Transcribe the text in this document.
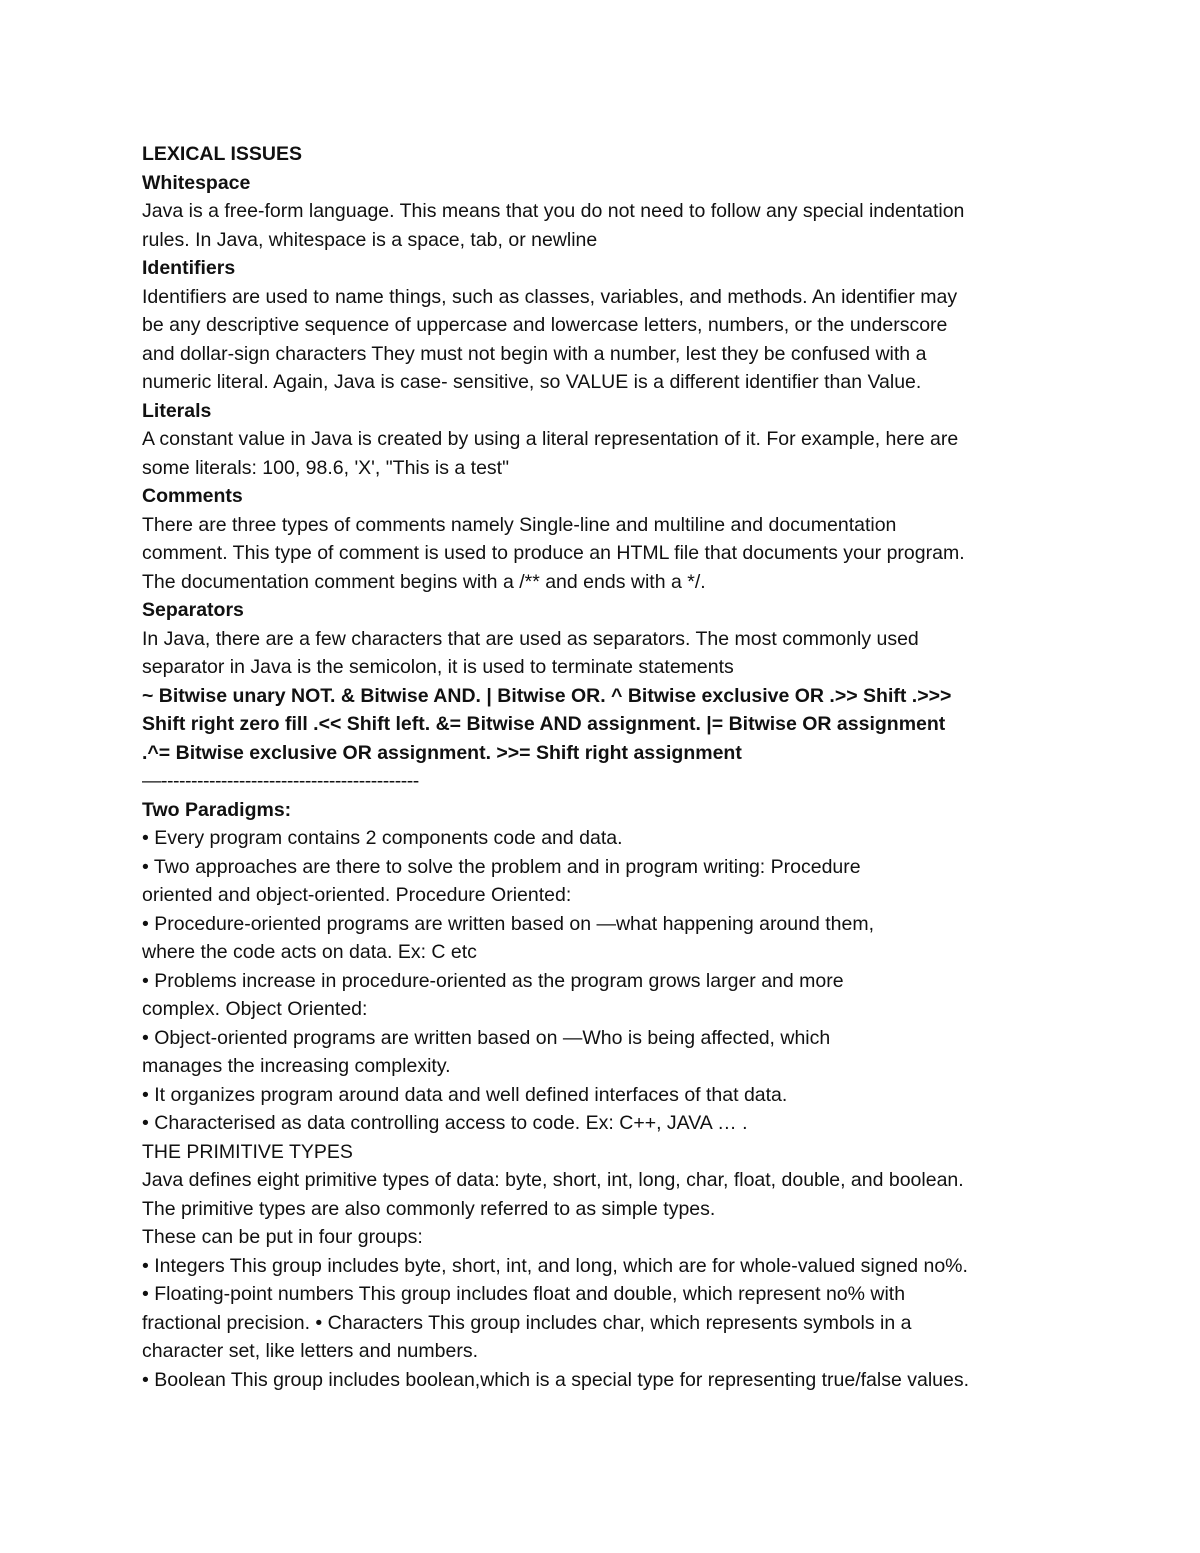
LEXICAL ISSUES
Whitespace
Java is a free-form language. This means that you do not need to follow any special indentation
rules. In Java, whitespace is a space, tab, or newline
Identifiers
Identifiers are used to name things, such as classes, variables, and methods. An identifier may
be any descriptive sequence of uppercase and lowercase letters, numbers, or the underscore
and dollar-sign characters They must not begin with a number, lest they be confused with a
numeric literal. Again, Java is case- sensitive, so VALUE is a different identifier than Value.
Literals
A constant value in Java is created by using a literal representation of it. For example, here are
some literals: 100, 98.6, 'X', "This is a test"
Comments
There are three types of comments namely Single-line and multiline and documentation
comment. This type of comment is used to produce an HTML file that documents your program.
The documentation comment begins with a /** and ends with a */.
Separators
In Java, there are a few characters that are used as separators. The most commonly used
separator in Java is the semicolon, it is used to terminate statements
~ Bitwise unary NOT. & Bitwise AND. | Bitwise OR. ^ Bitwise exclusive OR .>> Shift .>>>
Shift right zero fill .<< Shift left. &= Bitwise AND assignment. |= Bitwise OR assignment
.^= Bitwise exclusive OR assignment. >>= Shift right assignment
—-------------------------------------------
Two Paradigms:
• Every program contains 2 components code and data.
• Two approaches are there to solve the problem and in program writing: Procedure
oriented and object-oriented. Procedure Oriented:
• Procedure-oriented programs are written based on —what happening around them,
where the code acts on data. Ex: C etc
• Problems increase in procedure-oriented as the program grows larger and more
complex. Object Oriented:
• Object-oriented programs are written based on —Who is being affected, which
manages the increasing complexity.
• It organizes program around data and well defined interfaces of that data.
• Characterised as data controlling access to code. Ex: C++, JAVA … .
THE PRIMITIVE TYPES
Java defines eight primitive types of data: byte, short, int, long, char, float, double, and boolean.
The primitive types are also commonly referred to as simple types.
These can be put in four groups:
• Integers This group includes byte, short, int, and long, which are for whole-valued signed no%.
• Floating-point numbers This group includes float and double, which represent no% with
fractional precision. • Characters This group includes char, which represents symbols in a
character set, like letters and numbers.
• Boolean This group includes boolean,which is a special type for representing true/false values.
